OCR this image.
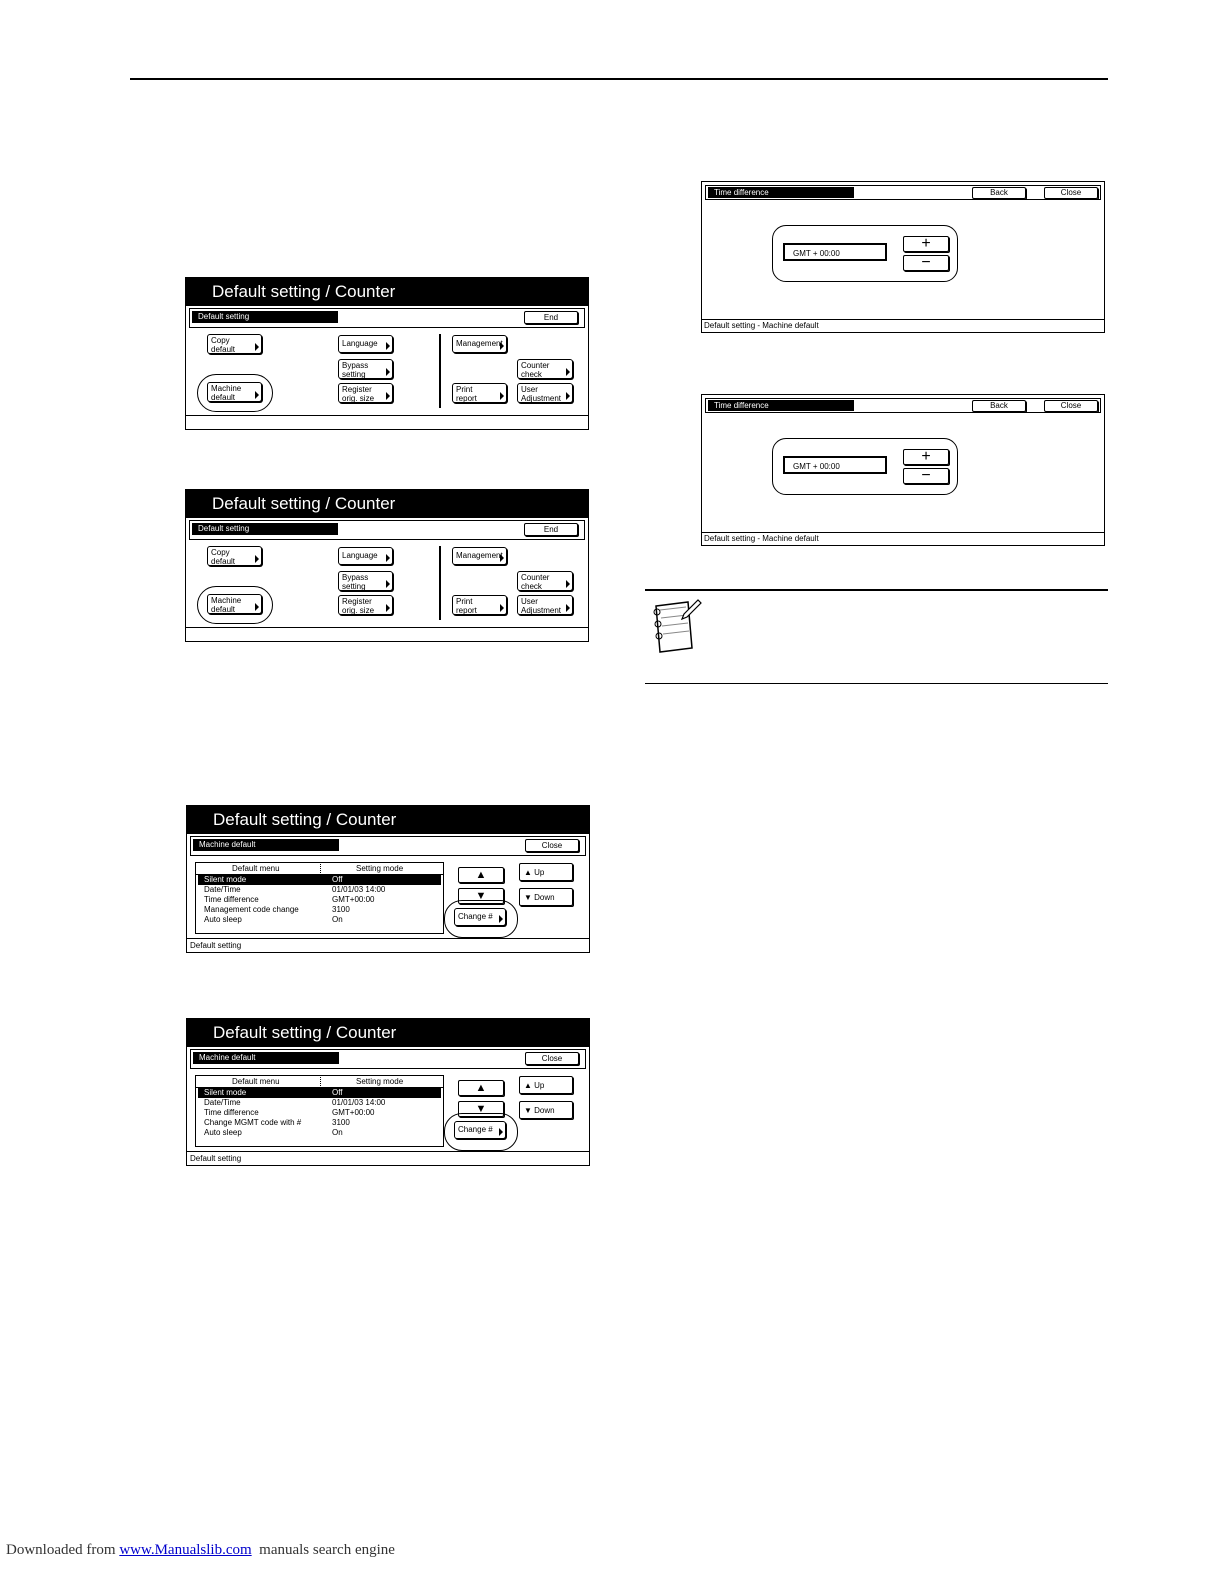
Default setting / Counter
Default setting	End
Copy
default
Machine
default
Language
Bypass
setting
Register
orig. size
Management
Print
report
Counter
check
User
Adjustment
Default setting / Counter
Default setting	End
Copy
default
Machine
default
Language
Bypass
setting
Register
orig. size
Management
Print
report
Counter
check
User
Adjustment
Default setting / Counter
Machine default	Close
Default menu	Setting mode
Silent mode	Off
Date/Time	01/01/03 14:00
Time difference	GMT+00:00
Management code change	3100
Auto sleep	On
▲
▼
▲ Up
▼ Down
Change #
Default setting
Default setting / Counter
Machine default	Close
Default menu	Setting mode
Silent mode	Off
Date/Time	01/01/03 14:00
Time difference	GMT+00:00
Change MGMT code with #	3100
Auto sleep	On
▲
▼
▲ Up
▼ Down
Change #
Default setting
Time difference	Back	Close
GMT + 00:00
+
−
Default setting - Machine default
Time difference	Back	Close
GMT + 00:00
+
−
Default setting - Machine default
Downloaded from www.Manualslib.com  manuals search engine
